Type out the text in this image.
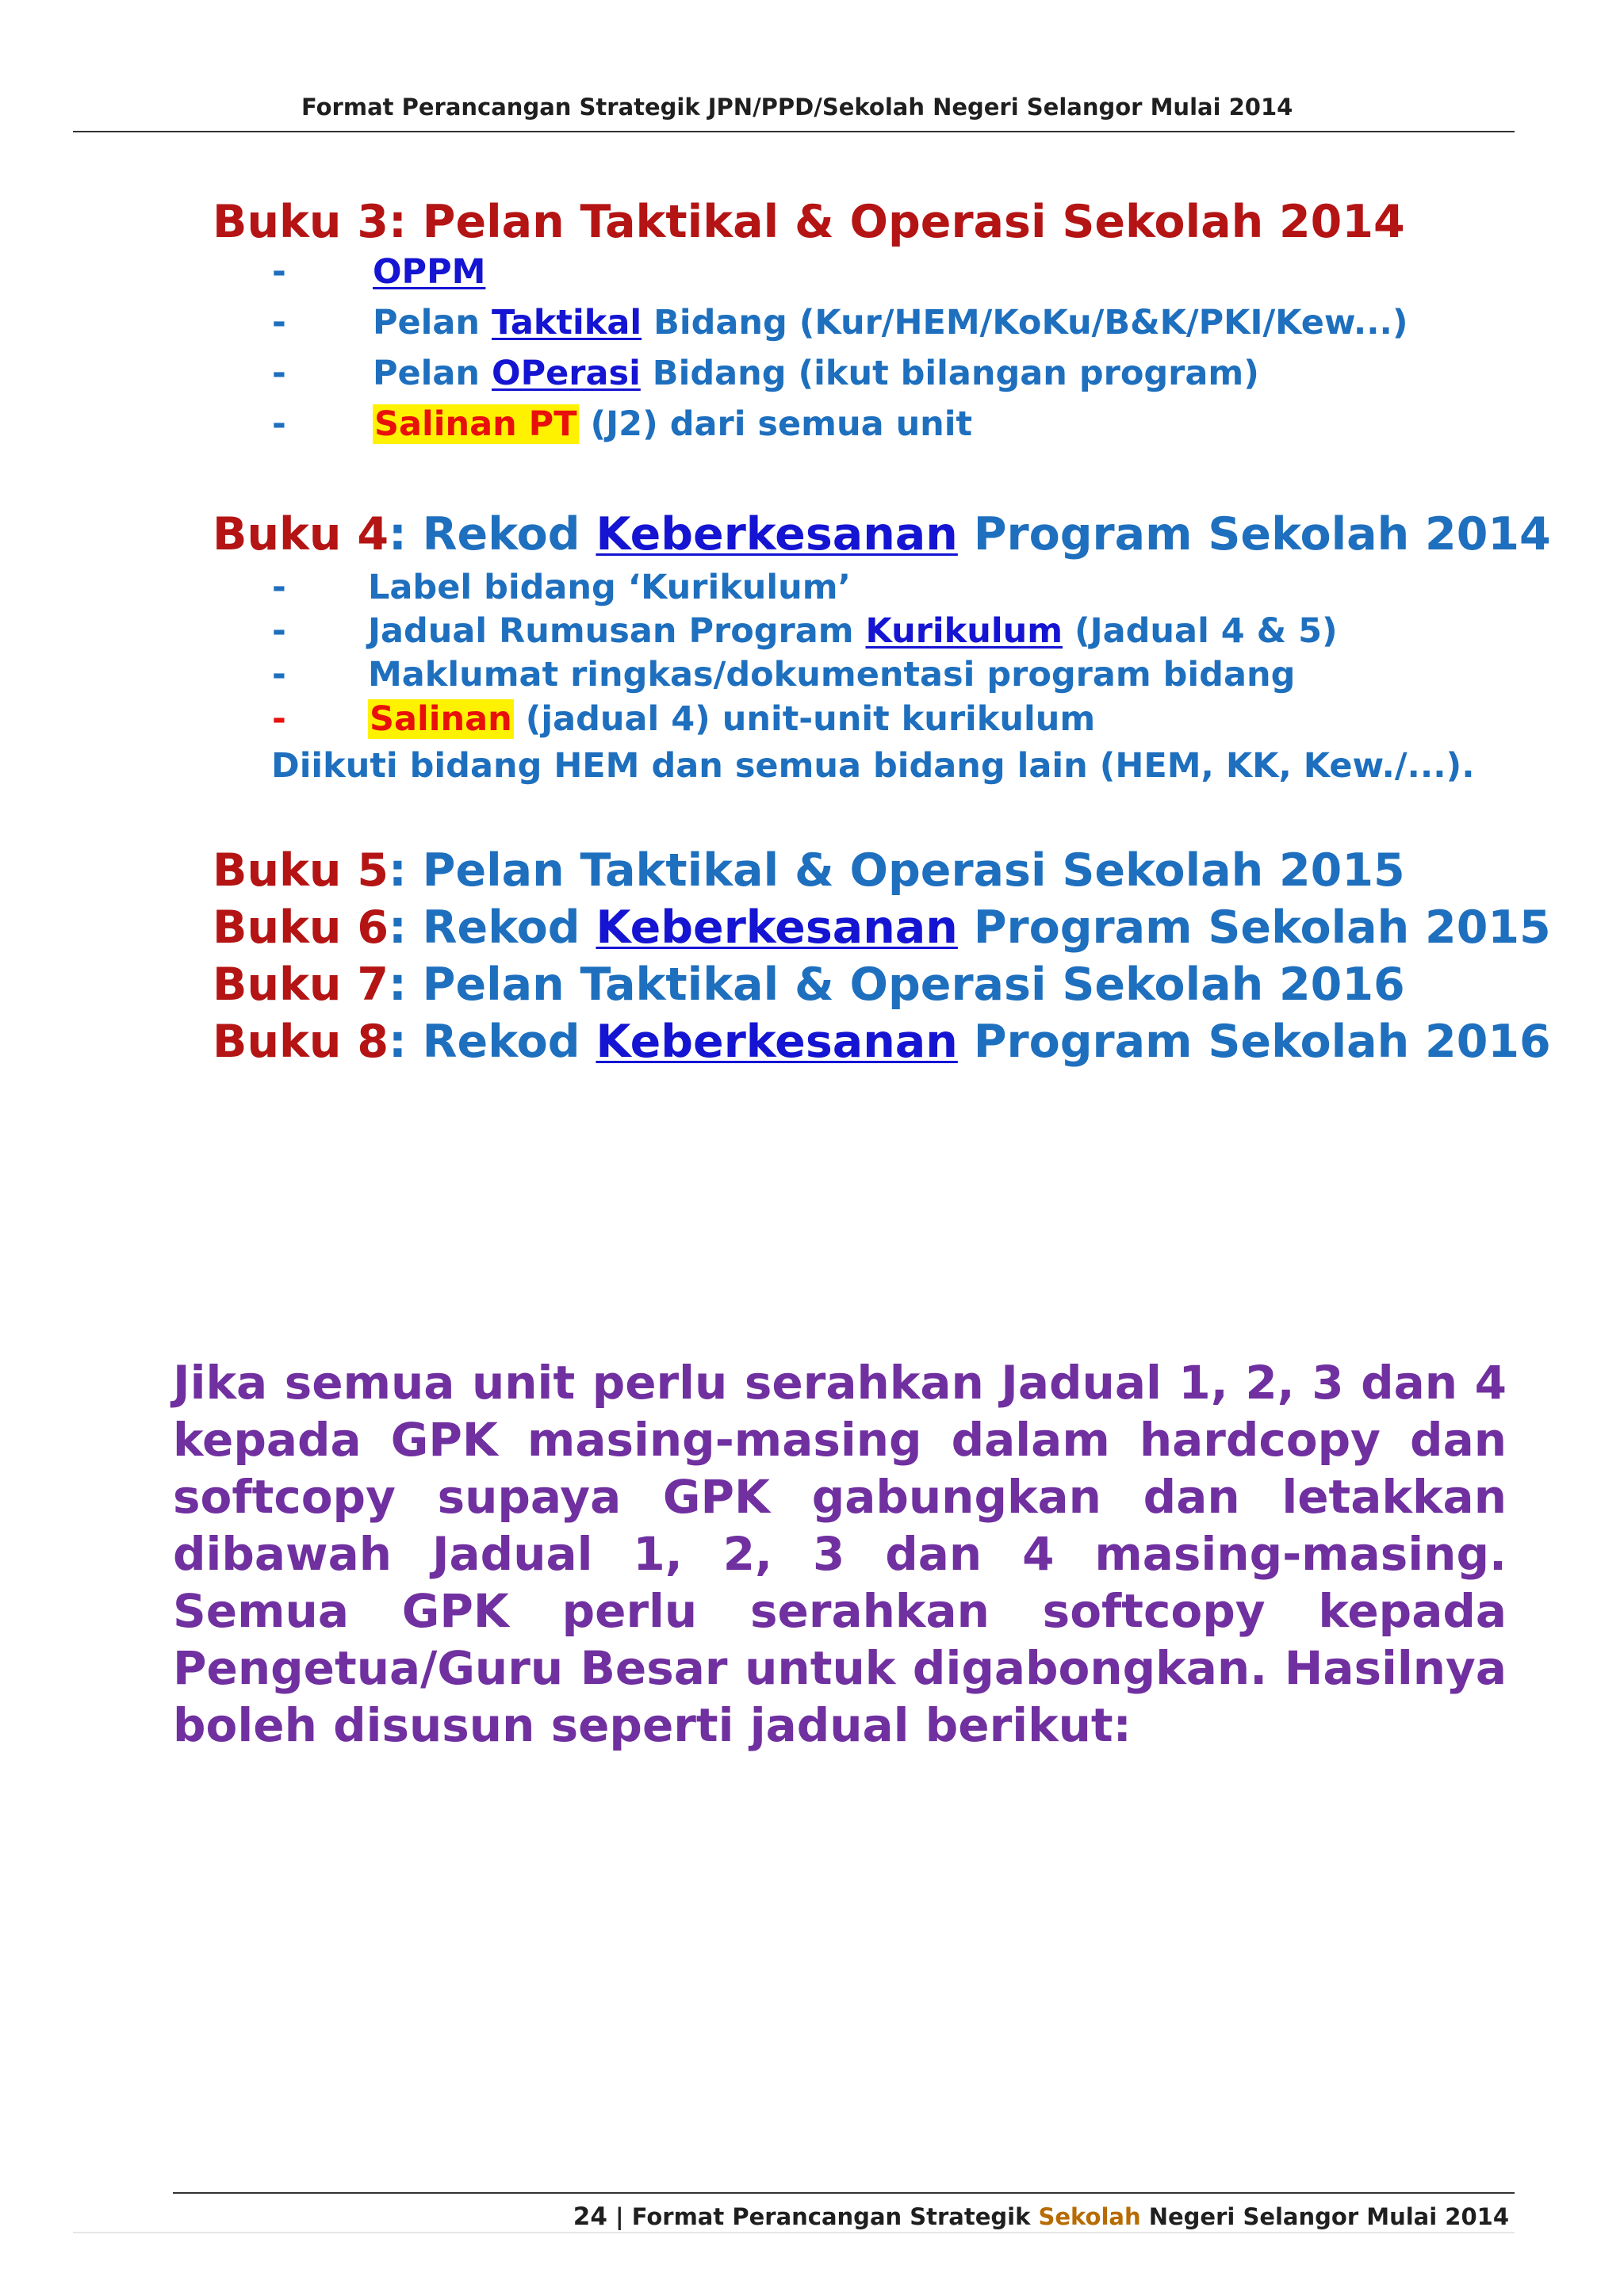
Format Perancangan Strategik JPN/PPD/Sekolah Negeri Selangor Mulai 2014
Buku 3: Pelan Taktikal & Operasi Sekolah 2014
-	OPPM
-	Pelan Taktikal Bidang (Kur/HEM/KoKu/B&K/PKI/Kew...)
-	Pelan OPerasi Bidang (ikut bilangan program)
-	Salinan PT (J2) dari semua unit
Buku 4: Rekod Keberkesanan Program Sekolah 2014
- Label bidang ‘Kurikulum’
- Jadual Rumusan Program Kurikulum (Jadual 4 & 5)
- Maklumat ringkas/dokumentasi program bidang
- Salinan (jadual 4) unit-unit kurikulum
Diikuti bidang HEM dan semua bidang lain (HEM, KK, Kew./...).
Buku 5: Pelan Taktikal & Operasi Sekolah 2015
Buku 6: Rekod Keberkesanan Program Sekolah 2015
Buku 7: Pelan Taktikal & Operasi Sekolah 2016
Buku 8: Rekod Keberkesanan Program Sekolah 2016

Jika semua unit perlu serahkan Jadual 1, 2, 3 dan 4 kepada GPK masing-masing dalam hardcopy dan softcopy supaya GPK gabungkan dan letakkan dibawah Jadual 1, 2, 3 dan 4 masing-masing. Semua GPK perlu serahkan softcopy kepada Pengetua/Guru Besar untuk digabongkan. Hasilnya boleh disusun seperti jadual berikut:

24 | Format Perancangan Strategik Sekolah Negeri Selangor Mulai 2014
